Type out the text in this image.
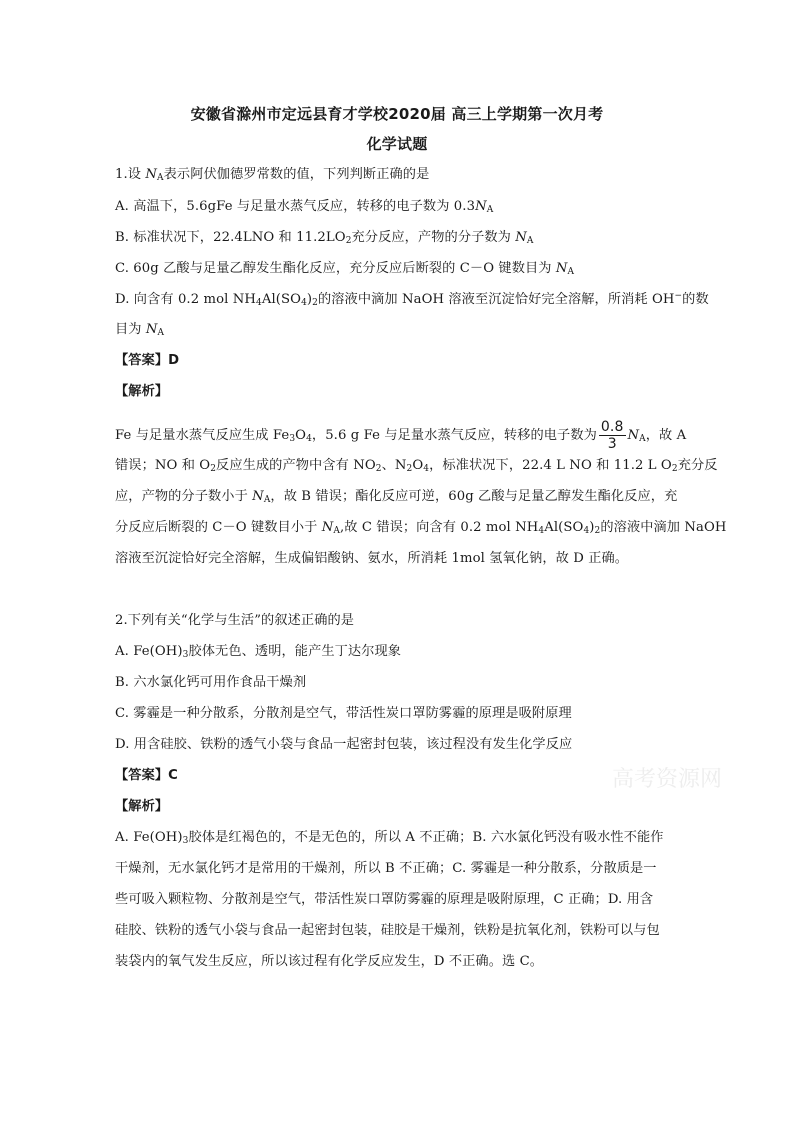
安徽省滁州市定远县育才学校2020届 高三上学期第一次月考
化学试题
1.设 $N_A$表示阿伏伽德罗常数的值，下列判断正确的是
A. 高温下，5.6gFe 与足量水蒸气反应，转移的电子数为 $0.3N_A$
B. 标准状况下，22.4LNO 和 $11.2LO_2$充分反应，产物的分子数为 $N_A$
C. 60g 乙酸与足量乙醇发生酯化反应，充分反应后断裂的 C－O 键数目为 $N_A$
D. 向含有 0.2 mol $NH_4Al(SO_4)_2$的溶液中滴加 NaOH 溶液至沉淀恰好完全溶解，所消耗 OH−的数
目为 $N_A$
【答案】D
【解析】
Fe 与足量水蒸气反应生成 $Fe_3O_4$，5.6 g Fe 与足量水蒸气反应，转移的电子数为 $\frac{0.8}{3} N_A$，故 A
错误；NO 和 $O_2$反应生成的产物中含有 $NO_2$、$N_2O_4$，标准状况下，22.4 L NO 和 11.2 L $O_2$充分反
应，产物的分子数小于 $N_A$，故 B 错误；酯化反应可逆，60g 乙酸与足量乙醇发生酯化反应，充
分反应后断裂的 C－O 键数目小于 $N_A$,故 C 错误；向含有 0.2 mol $NH_4Al(SO_4)_2$的溶液中滴加 NaOH
溶液至沉淀恰好完全溶解，生成偏铝酸钠、氨水，所消耗 1mol 氢氧化钠，故 D 正确。
2.下列有关“化学与生活”的叙述正确的是
A. $Fe(OH)_3$胶体无色、透明，能产生丁达尔现象
B. 六水氯化钙可用作食品干燥剂
C. 雾霾是一种分散系，分散剂是空气，带活性炭口罩防雾霾的原理是吸附原理
D. 用含硅胶、铁粉的透气小袋与食品一起密封包装，该过程没有发生化学反应
【答案】C
【解析】
A. $Fe(OH)_3$胶体是红褐色的，不是无色的，所以 A 不正确；B. 六水氯化钙没有吸水性不能作
干燥剂，无水氯化钙才是常用的干燥剂，所以 B 不正确；C. 雾霾是一种分散系，分散质是一
些可吸入颗粒物、分散剂是空气，带活性炭口罩防雾霾的原理是吸附原理，C 正确；D. 用含
硅胶、铁粉的透气小袋与食品一起密封包装，硅胶是干燥剂，铁粉是抗氧化剂，铁粉可以与包
装袋内的氧气发生反应，所以该过程有化学反应发生，D 不正确。选 C。
高考资源网
